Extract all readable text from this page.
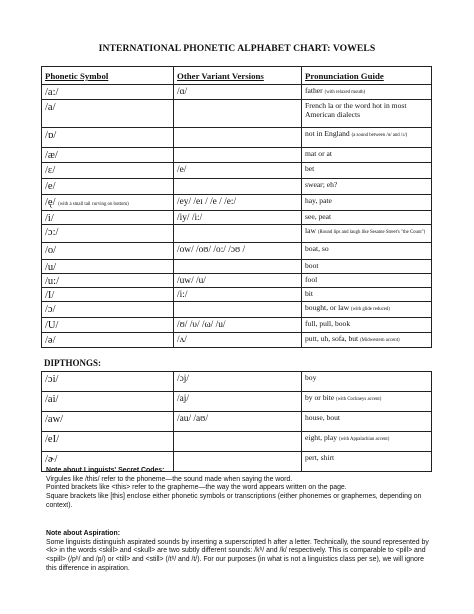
INTERNATIONAL PHONETIC ALPHABET CHART: VOWELS
Phonetic Symbol	Other Variant Versions	Pronunciation Guide
/a:/	/ɑ/	father (with relaxed mouth)
/a/		French la or the word hot in most American dialects
/ɒ/		not in England (a sound between /ɑ/ and /ɔ/)
/æ/		mat or at
/ɛ/	/e/	bet
/e/		swear; eh?
/ę/ (with a small tail curving on bottom)	/ey/ /eɪ / /e / /e:/	hay, pate
/i/	/iy/ /i:/	see, peat
/ɔ:/		law (Round lips and laugh like Sesame Street's "the Count")
/o/	/ow/ /oʊ/ /o:/ /ɔʊ /	boat, so
/u/		boot
/u:/	/uw/ /u/	fool
/I/	/i:/	bit
/ɔ/		bought, or law (with glide reduced)
/U/	/ʊ/ /υ/ /ω/ /u/	full, pull, book
/ə/	/ʌ/	putt, uh, sofa, but (Midwestern accent)
DIPTHONGS:
/ɔi/	/ɔj/	boy
/ai/	/aj/	by or bite (with Cockneys accent)
/aw/	/au/ /aʊ/	house, bout
/eI/		eight, play (with Appalachian accent)
/ɚ/		pert, shirt
Note about Linguists' Secret Codes:
Virgules like /this/ refer to the phoneme—the sound made when saying the word.
Pointed brackets like <this> refer to the grapheme—the way the word appears written on the page.
Square brackets like [this] enclose either phonetic symbols or transcriptions (either phonemes or graphemes, depending on context).
Note about Aspiration:
Some linguists distinguish aspirated sounds by inserting a superscripted h after a letter. Technically, the sound represented by <k> in the words <skill> and <skull> are two subtly different sounds: /kʰ/ and /k/ respectively. This is comparable to <pill> and <spill> (/pʰ/ and /p/) or <till> and <still> (/tʰ/ and /t/). For our purposes (in what is not a linguistics class per se), we will ignore this difference in aspiration.
